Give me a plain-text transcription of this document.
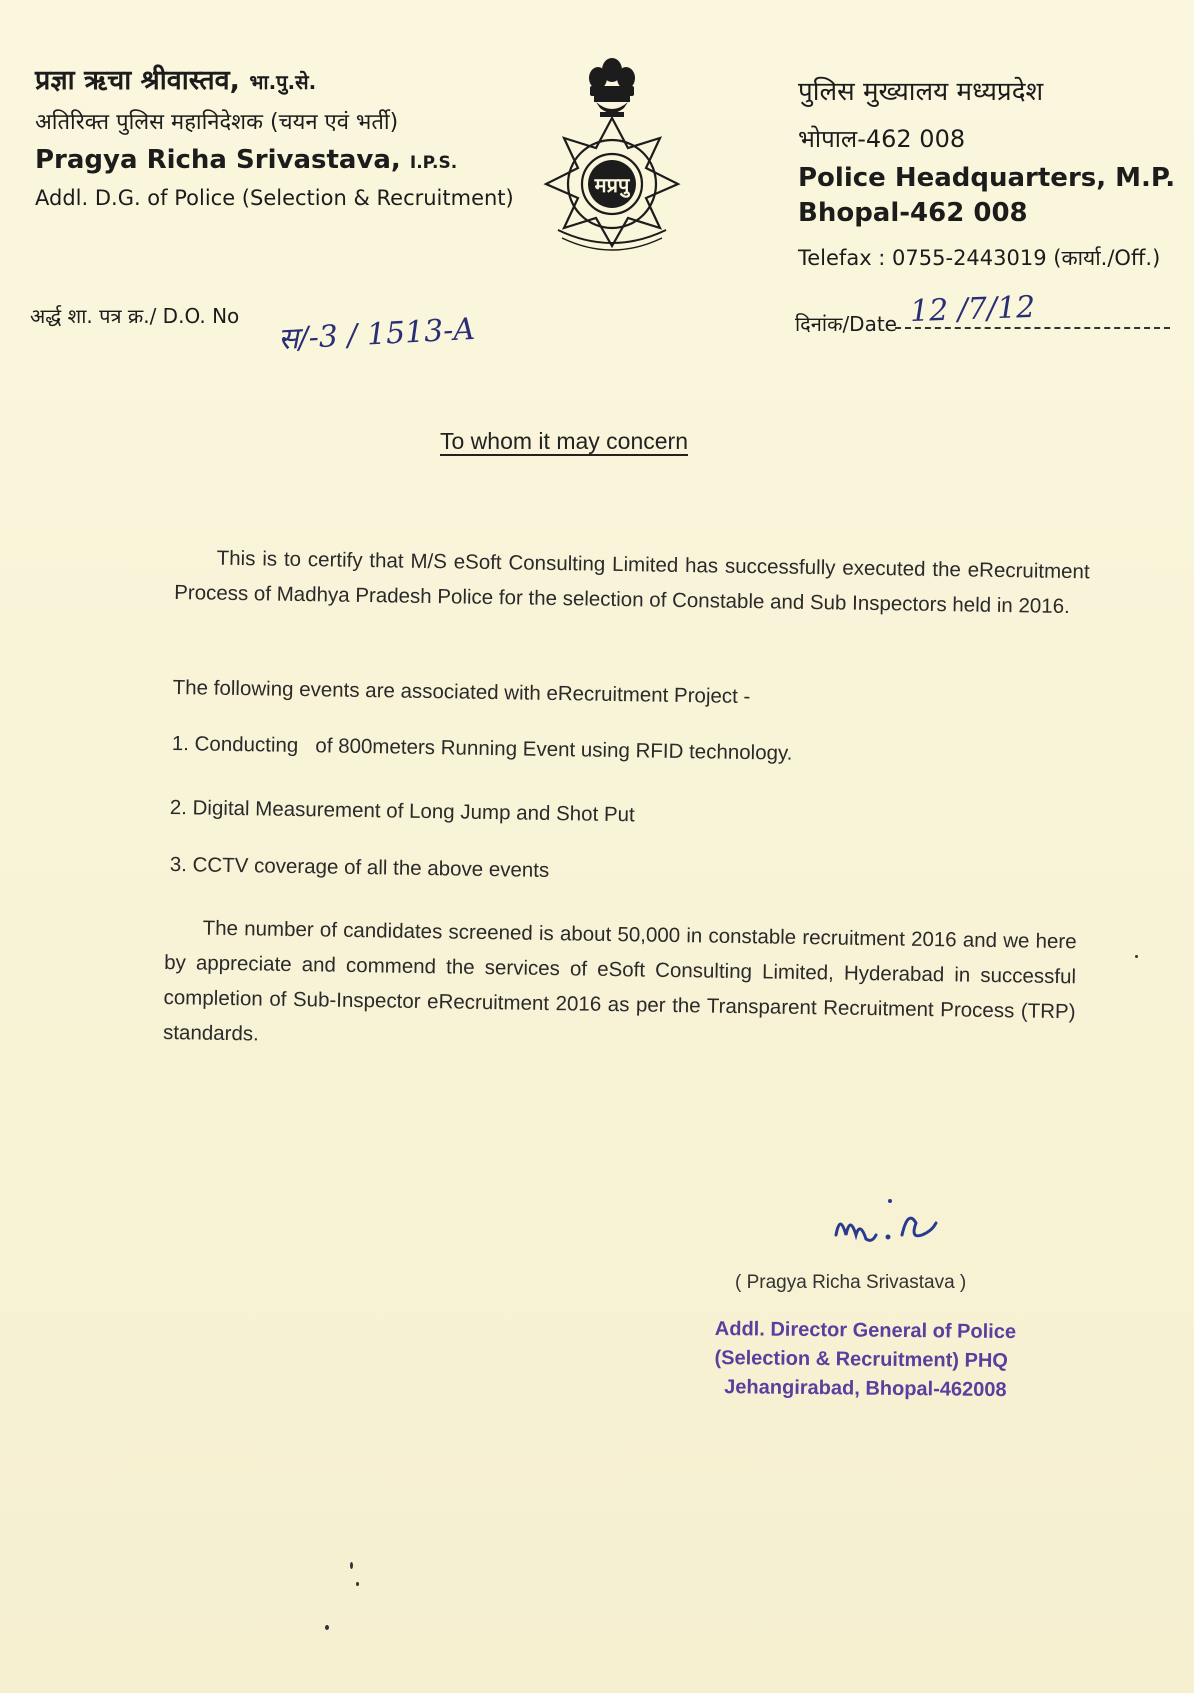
प्रज्ञा ऋचा श्रीवास्तव, भा.पु.से.

अतिरिक्त पुलिस महानिदेशक (चयन एवं भर्ती)

Pragya Richa Srivastava, I.P.S.

Addl. D.G. of Police (Selection & Recruitment)

मप्रपु

पुलिस मुख्यालय मध्यप्रदेश

भोपाल-462 008

Police Headquarters, M.P.

Bhopal-462 008

Telefax : 0755-2443019 (कार्या./Off.)

अर्द्ध शा. पत्र क्र./ D.O. No स/-3 / 1513-A	दिनांक/Date 12 /7/12

To whom it may concern

This is to certify that M/S eSoft Consulting Limited has successfully executed the eRecruitment Process of Madhya Pradesh Police for the selection of Constable and Sub Inspectors held in 2016.

The following events are associated with eRecruitment Project -

1. Conducting   of 800meters Running Event using RFID technology.

2. Digital Measurement of Long Jump and Shot Put

3. CCTV coverage of all the above events

The number of candidates screened is about 50,000 in constable recruitment 2016 and we here by appreciate and commend the services of eSoft Consulting Limited, Hyderabad in successful completion of Sub-Inspector eRecruitment 2016 as per the Transparent Recruitment Process (TRP) standards.

( Pragya Richa Srivastava )

Addl. Director General of Police
(Selection & Recruitment) PHQ
Jehangirabad, Bhopal-462008
